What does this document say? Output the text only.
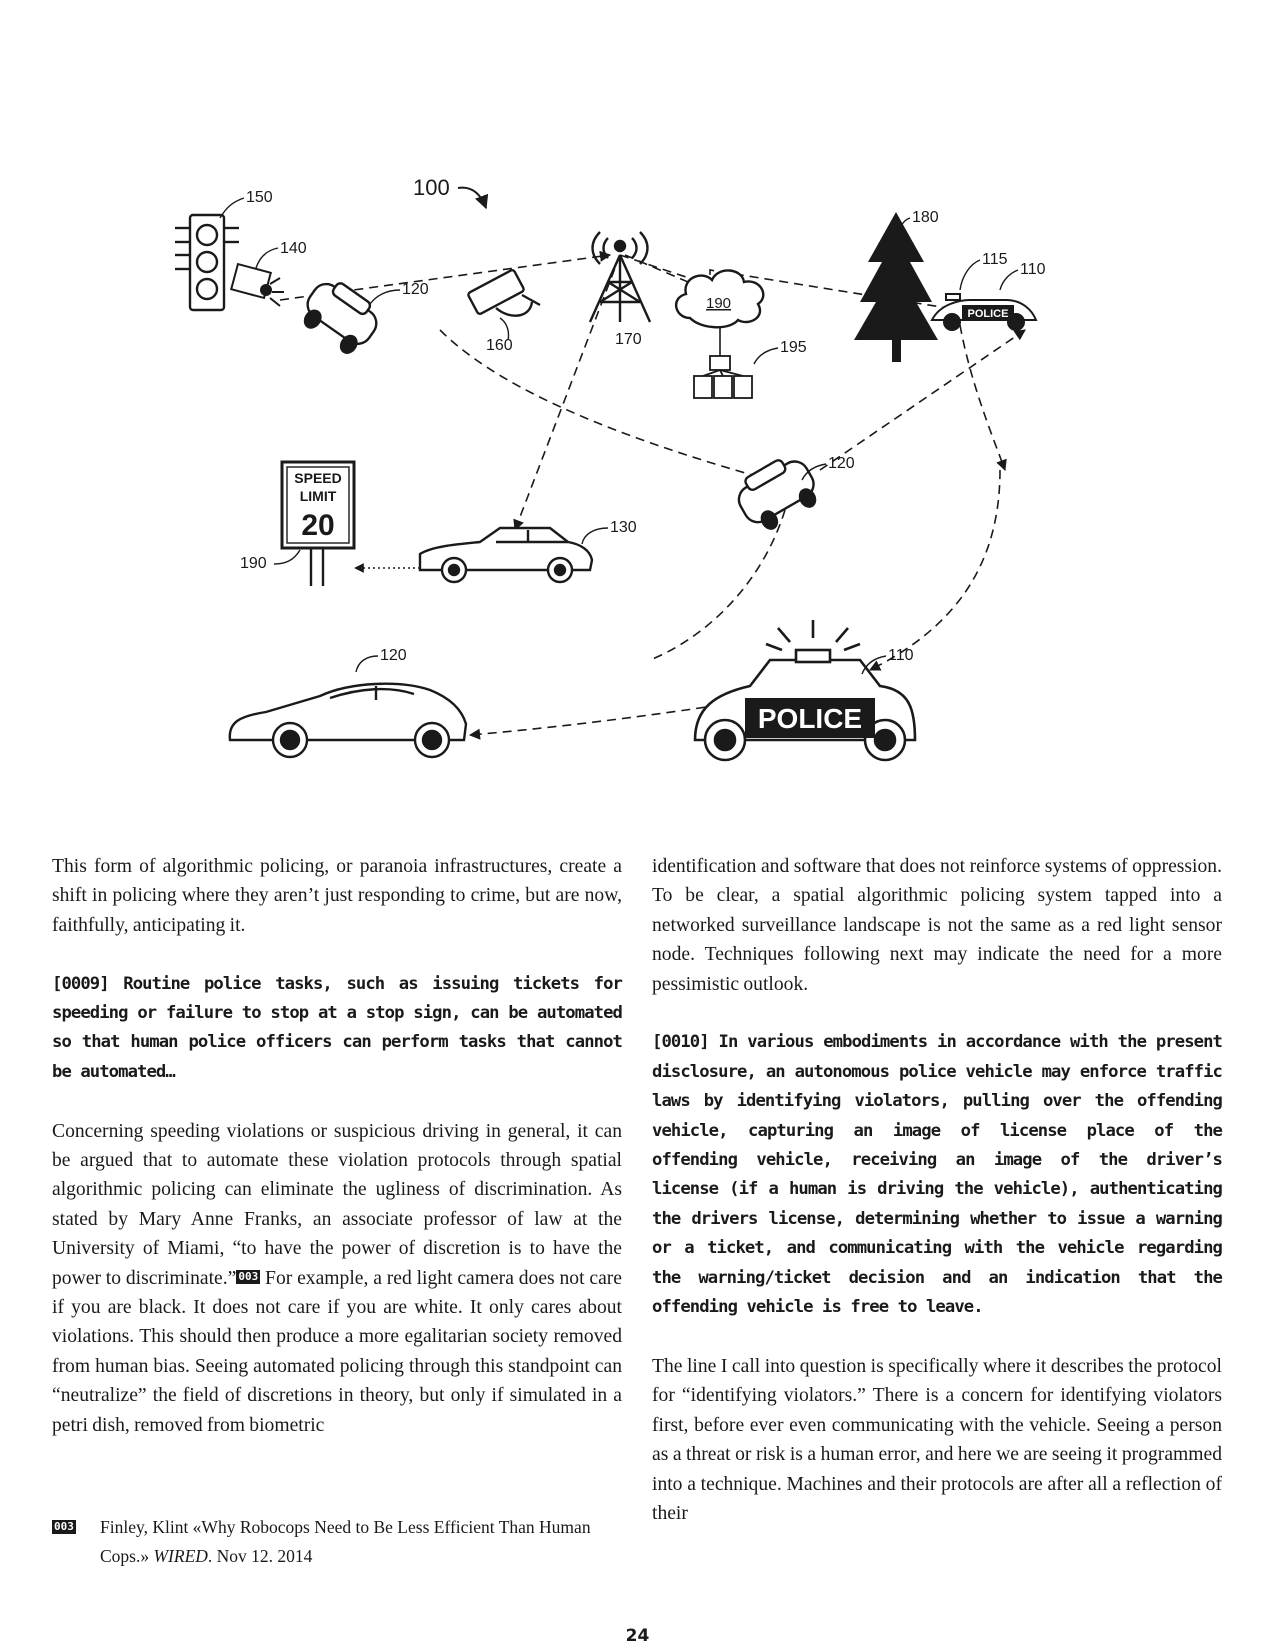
100
150
140
120
160	170
190
195
180
POLICE
115
110
120
130
SPEED
LIMIT
20
190
120
POLICE
110

This form of algorithmic policing, or paranoia infrastructures, create a shift in policing where they aren’t just responding to crime, but are now, faithfully, anticipating it.

[0009] Routine police tasks, such as issuing tickets for speeding or failure to stop at a stop sign, can be automated so that human police officers can perform tasks that cannot be automated…

Concerning speeding violations or suspicious driving in general, it can be argued that to automate these violation protocols through spatial algorithmic policing can eliminate the ugliness of discrimination. As stated by Mary Anne Franks, an associate professor of law at the University of Miami, “to have the power of discretion is to have the power to discriminate.” 003 For example, a red light camera does not care if you are black. It does not care if you are white. It only cares about violations. This should then produce a more egalitarian society removed from human bias. Seeing automated policing through this standpoint can “neutralize” the field of discretions in theory, but only if simulated in a petri dish, removed from biometric

identification and software that does not reinforce systems of oppression. To be clear, a spatial algorithmic policing system tapped into a networked surveillance landscape is not the same as a red light sensor node. Techniques following next may indicate the need for a more pessimistic outlook.

[0010] In various embodiments in accordance with the present disclosure, an autonomous police vehicle may enforce traffic laws by identifying violators, pulling over the offending vehicle, capturing an image of license place of the offending vehicle, receiving an image of the driver’s license (if a human is driving the vehicle), authenticating the drivers license, determining whether to issue a warning or a ticket, and communicating with the vehicle regarding the warning/ticket decision and an indication that the offending vehicle is free to leave.

The line I call into question is specifically where it describes the protocol for “identifying violators.” There is a concern for identifying violators first, before ever even communicating with the vehicle. Seeing a person as a threat or risk is a human error, and here we are seeing it programmed into a technique. Machines and their protocols are after all a reflection of their

003 Finley, Klint «Why Robocops Need to Be Less Efficient Than Human Cops.» WIRED. Nov 12. 2014

24
